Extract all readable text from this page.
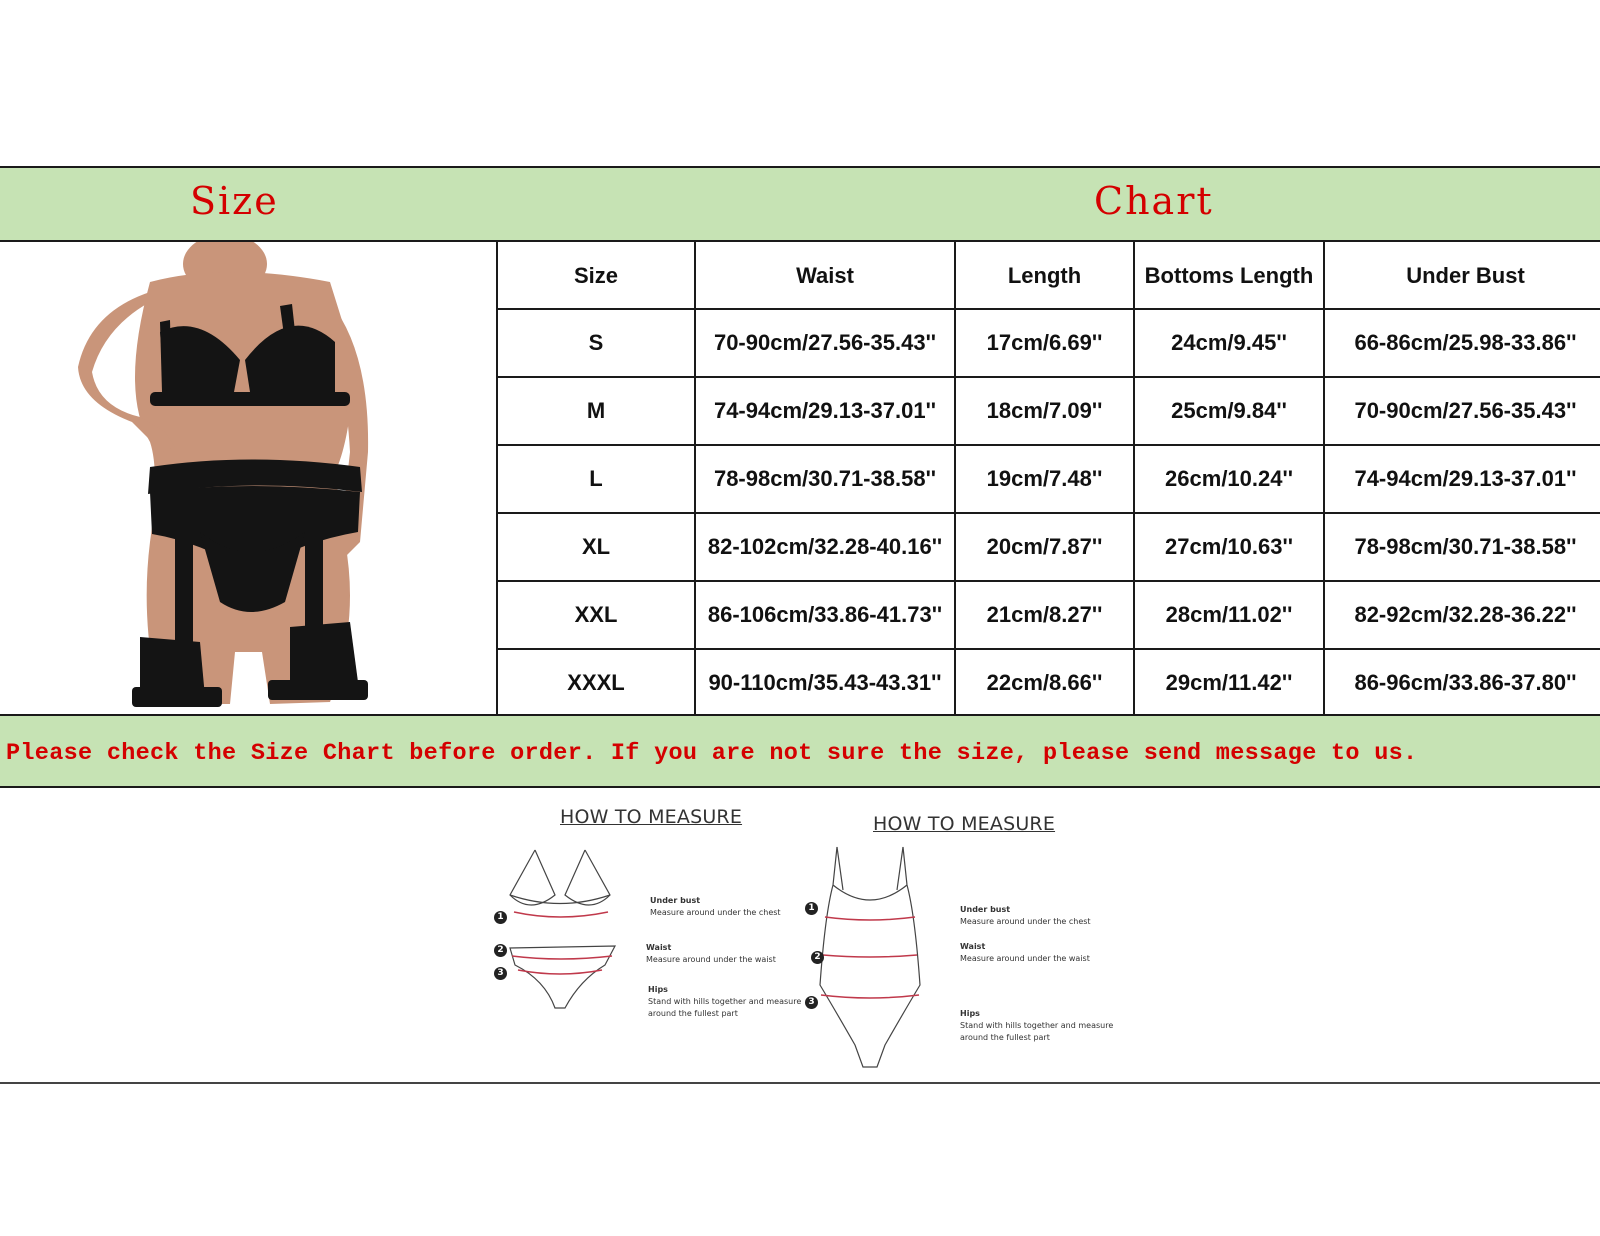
Size	Chart
Size	Waist	Length	Bottoms Length	Under Bust
S	70-90cm/27.56-35.43''	17cm/6.69''	24cm/9.45''	66-86cm/25.98-33.86''
M	74-94cm/29.13-37.01''	18cm/7.09''	25cm/9.84''	70-90cm/27.56-35.43''
L	78-98cm/30.71-38.58''	19cm/7.48''	26cm/10.24''	74-94cm/29.13-37.01''
XL	82-102cm/32.28-40.16''	20cm/7.87''	27cm/10.63''	78-98cm/30.71-38.58''
XXL	86-106cm/33.86-41.73''	21cm/8.27''	28cm/11.02''	82-92cm/32.28-36.22''
XXXL	90-110cm/35.43-43.31''	22cm/8.66''	29cm/11.42''	86-96cm/33.86-37.80''
Please check the Size Chart before order. If you are not sure the size, please send message to us.
HOW TO MEASURE
1
2
3
Under bust
Measure around under the chest
Waist
Measure around under the waist
Hips
Stand with hills together and measure
around the fullest part
HOW TO MEASURE
1
2
3
Under bust
Measure around under the chest
Waist
Measure around under the waist
Hips
Stand with hills together and measure
around the fullest part
